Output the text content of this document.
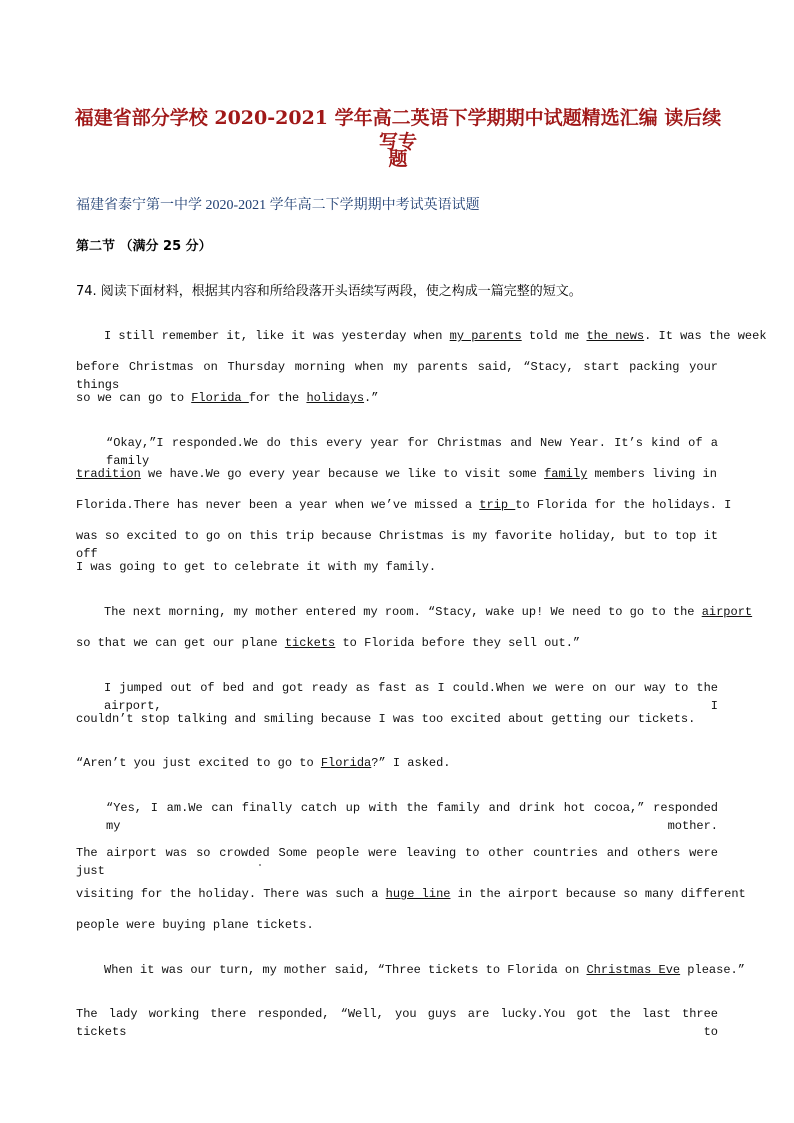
福建省部分学校 2020-2021 学年高二英语下学期期中试题精选汇编 读后续写专
题

福建省泰宁第一中学 2020-2021 学年高二下学期期中考试英语试题

第二节 （满分 25 分）

74. 阅读下面材料，根据其内容和所给段落开头语续写两段，使之构成一篇完整的短文。

I still remember it, like it was yesterday when my parents told me the news. It was the week

before Christmas on Thursday morning when my parents said, “Stacy, start packing your things

so we can go to Florida for the holidays.”

“Okay,”I responded.We do this every year for Christmas and New Year. It’s kind of a family

tradition we have.We go every year because we like to visit some family members living in

Florida.There has never been a year when we’ve missed a trip to Florida for the holidays. I

was so excited to go on this trip because Christmas is my favorite holiday, but to top it off

I was going to get to celebrate it with my family.

The next morning, my mother entered my room. “Stacy, wake up! We need to go to the airport

so that we can get our plane tickets to Florida before they sell out.”

I jumped out of bed and got ready as fast as I could.When we were on our way to the airport, I

couldn’t stop talking and smiling because I was too excited about getting our tickets.

“Aren’t you just excited to go to Florida?” I asked.

“Yes, I am.We can finally catch up with the family and drink hot cocoa,” responded my mother.

The airport was so crowded Some people were leaving to other countries and others were just

visiting for the holiday. There was such a huge line in the airport because so many different

people were buying plane tickets.

When it was our turn, my mother said, “Three tickets to Florida on Christmas Eve please.”

The lady working there responded, “Well, you guys are lucky.You got the last three tickets to
